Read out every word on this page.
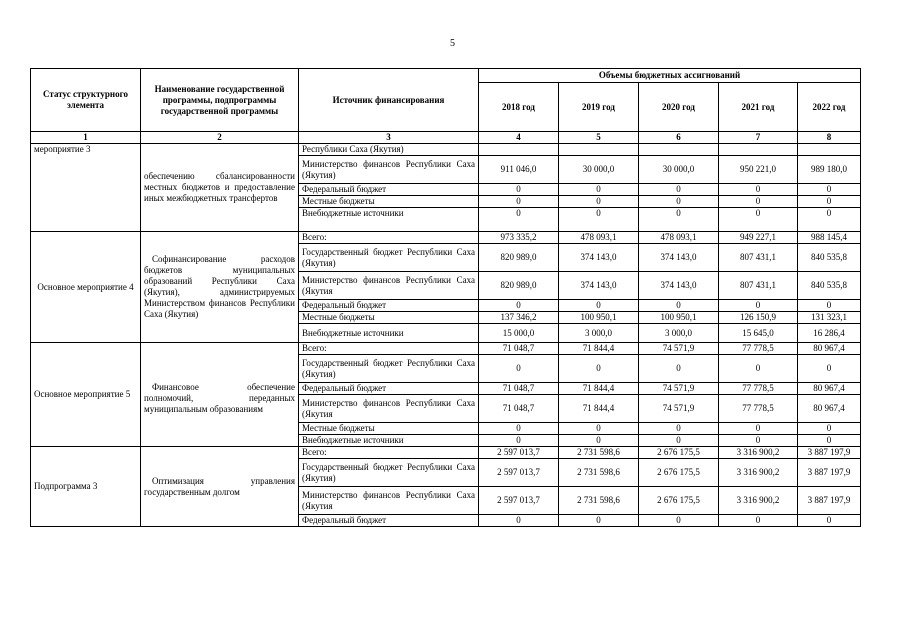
5
Статус структурного элемента	Наименование государственной программы, подпрограммы государственной программы	Источник финансирования	Объемы бюджетных ассигнований				
			2018 год	2019 год	2020 год	2021 год	2022 год
1	2	3	4	5	6	7	8
мероприятие 3	обеспечению сбалансированности местных бюджетов и предоставление иных межбюджетных трансфертов	Республики Саха (Якутия)					
		Министерство финансов Республики Саха (Якутия)	911 046,0	30 000,0	30 000,0	950 221,0	989 180,0
		Федеральный бюджет	0	0	0	0	0
		Местные бюджеты	0	0	0	0	0
		Внебюджетные источники	0	0	0	0	0
Основное мероприятие 4	Софинансирование расходов бюджетов муниципальных образований Республики Саха (Якутия), администрируемых Министерством финансов Республики Саха (Якутия)	Всего:	973 335,2	478 093,1	478 093,1	949 227,1	988 145,4
		Государственный бюджет Республики Саха (Якутия)	820 989,0	374 143,0	374 143,0	807 431,1	840 535,8
		Министерство финансов Республики Саха (Якутия	820 989,0	374 143,0	374 143,0	807 431,1	840 535,8
		Федеральный бюджет	0	0	0	0	0
		Местные бюджеты	137 346,2	100 950,1	100 950,1	126 150,9	131 323,1
		Внебюджетные источники	15 000,0	3 000,0	3 000,0	15 645,0	16 286,4
Основное мероприятие 5	Финансовое обеспечение полномочий, переданных муниципальным образованиям	Всего:	71 048,7	71 844,4	74 571,9	77 778,5	80 967,4
		Государственный бюджет Республики Саха (Якутия)	0	0	0	0	0
		Федеральный бюджет	71 048,7	71 844,4	74 571,9	77 778,5	80 967,4
		Министерство финансов Республики Саха (Якутия	71 048,7	71 844,4	74 571,9	77 778,5	80 967,4
		Местные бюджеты	0	0	0	0	0
		Внебюджетные источники	0	0	0	0	0
Подпрограмма 3	Оптимизация управления государственным долгом	Всего:	2 597 013,7	2 731 598,6	2 676 175,5	3 316 900,2	3 887 197,9
		Государственный бюджет Республики Саха (Якутия)	2 597 013,7	2 731 598,6	2 676 175,5	3 316 900,2	3 887 197,9
		Министерство финансов Республики Саха (Якутия	2 597 013,7	2 731 598,6	2 676 175,5	3 316 900,2	3 887 197,9
		Федеральный бюджет	0	0	0	0	0
